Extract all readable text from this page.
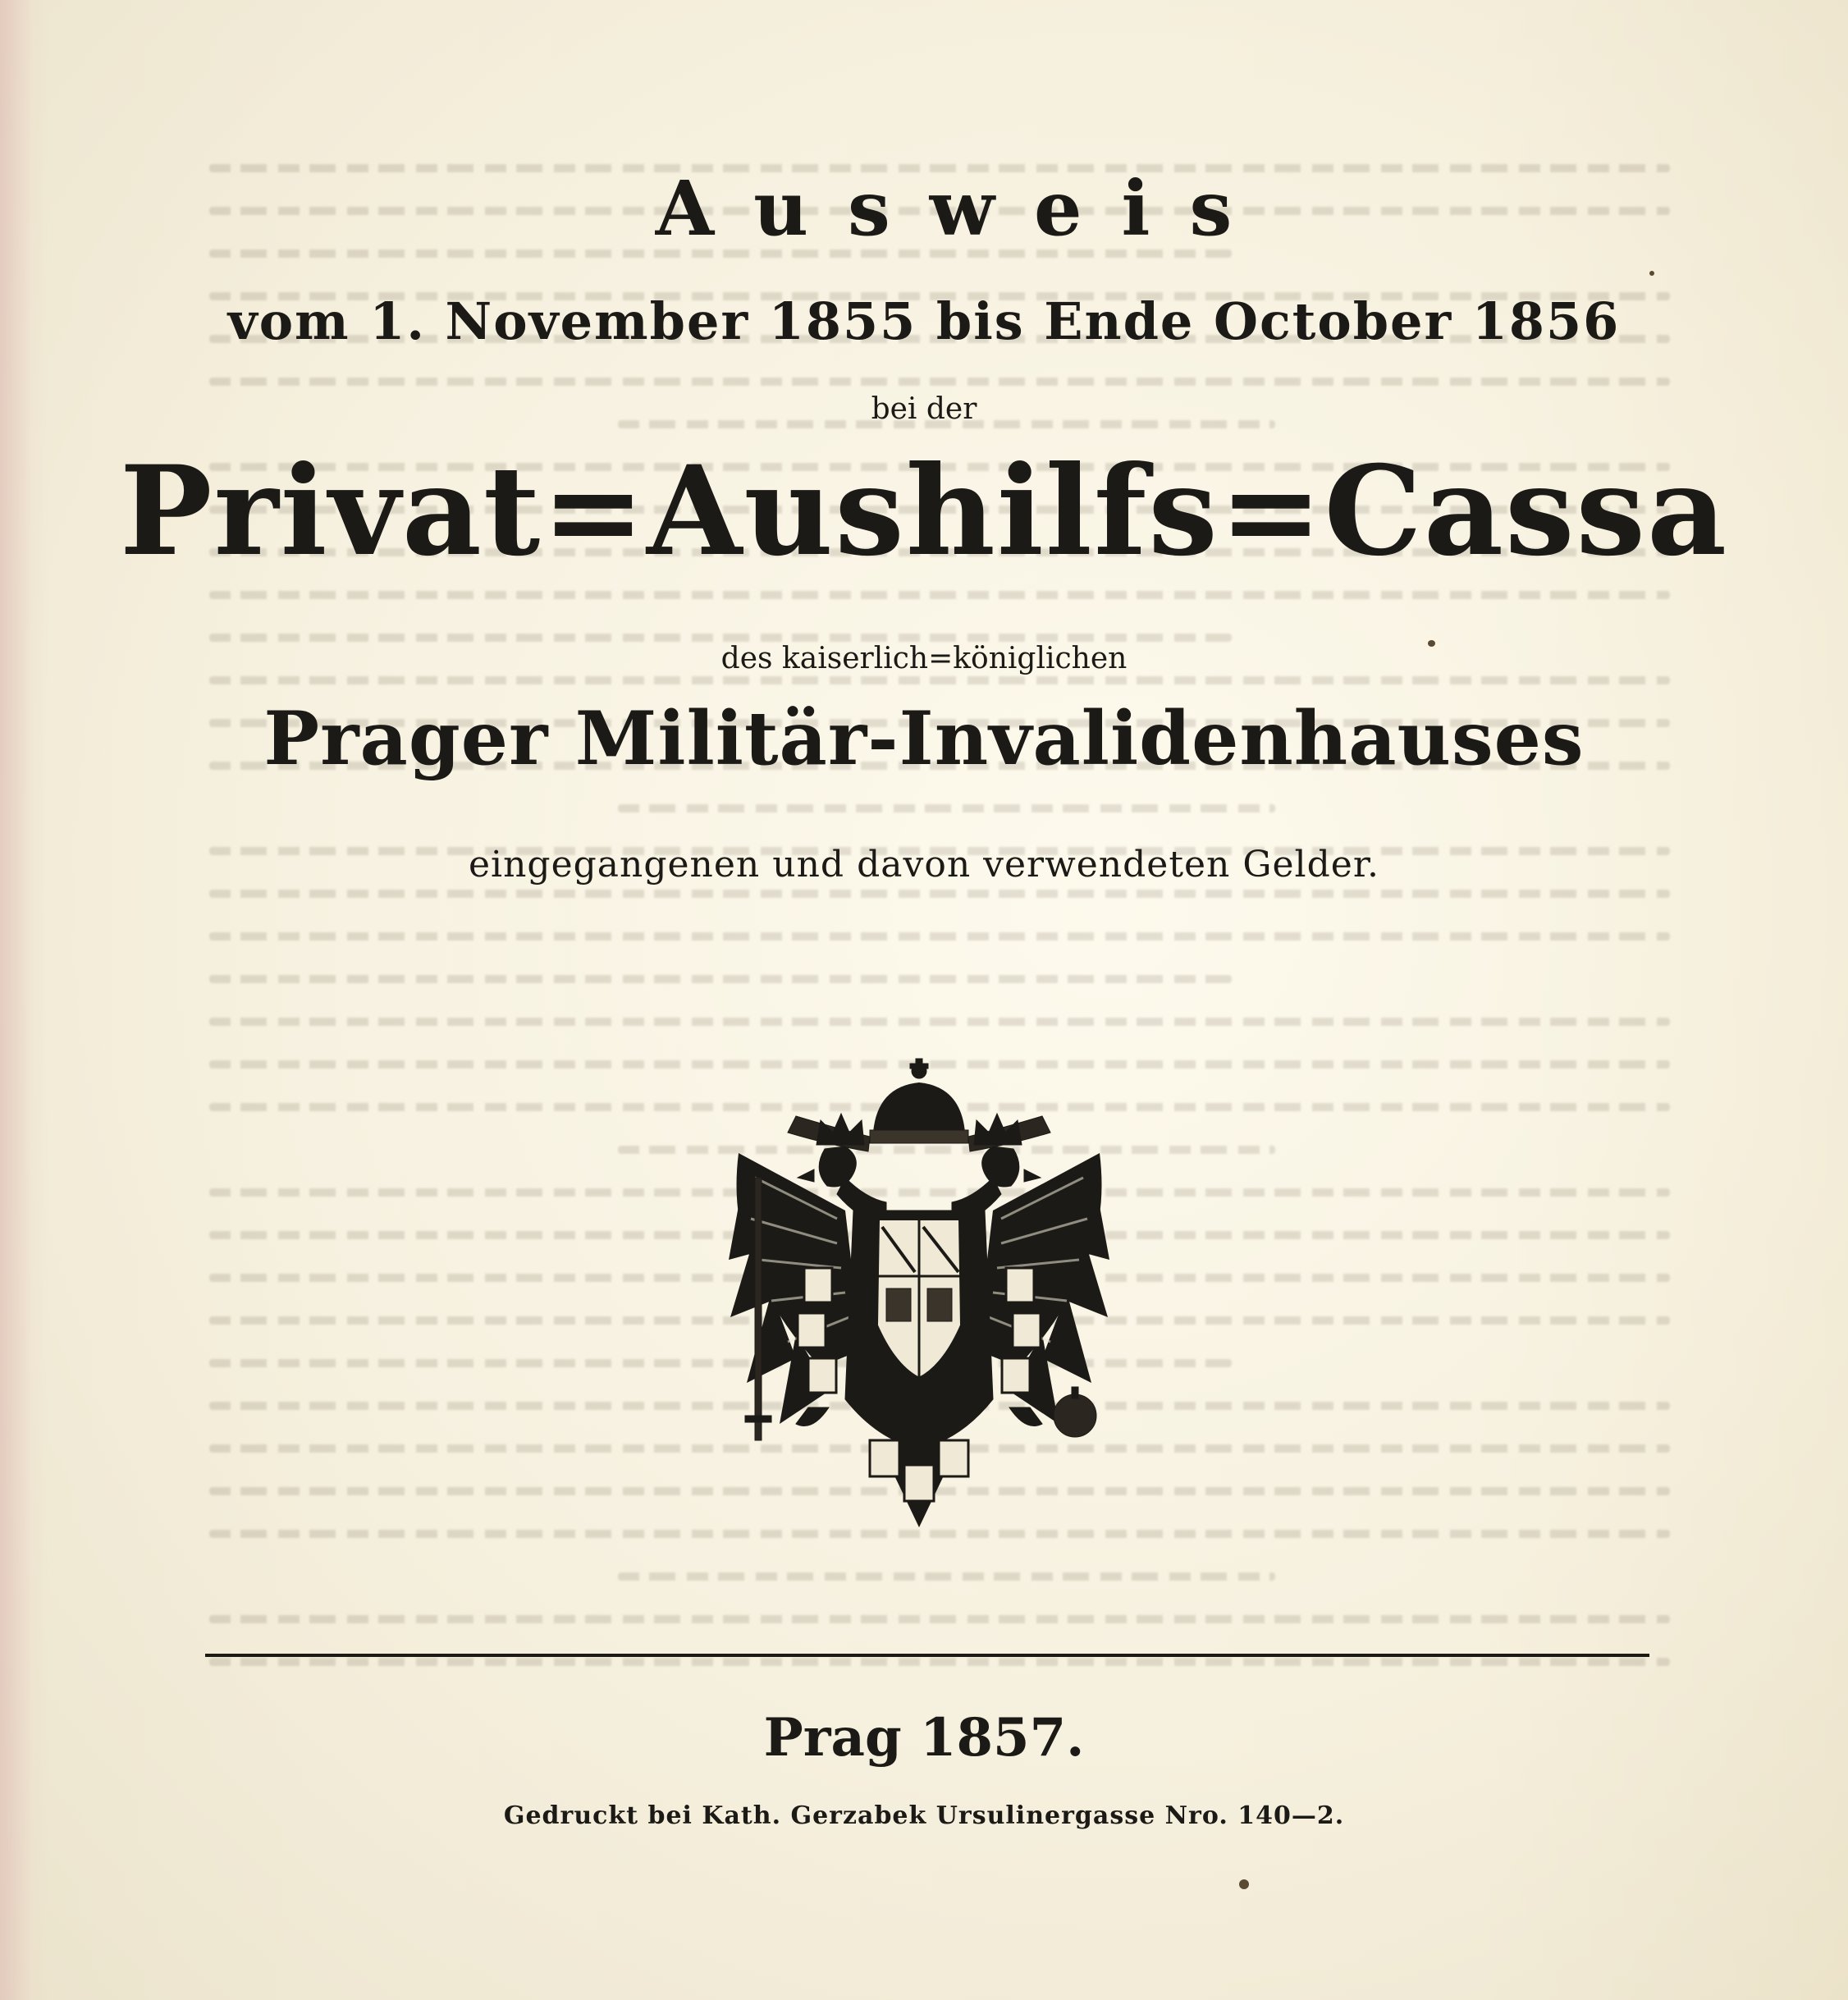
Ausweis
vom 1. November 1855 bis Ende October 1856
bei der
Privat=Aushilfs=Cassa
des kaiserlich=königlichen
Prager Militär-Invalidenhauses
eingegangenen und davon verwendeten Gelder.
Prag 1857.
Gedruckt bei Kath. Gerzabek Ursulinergasse Nro. 140—2.
